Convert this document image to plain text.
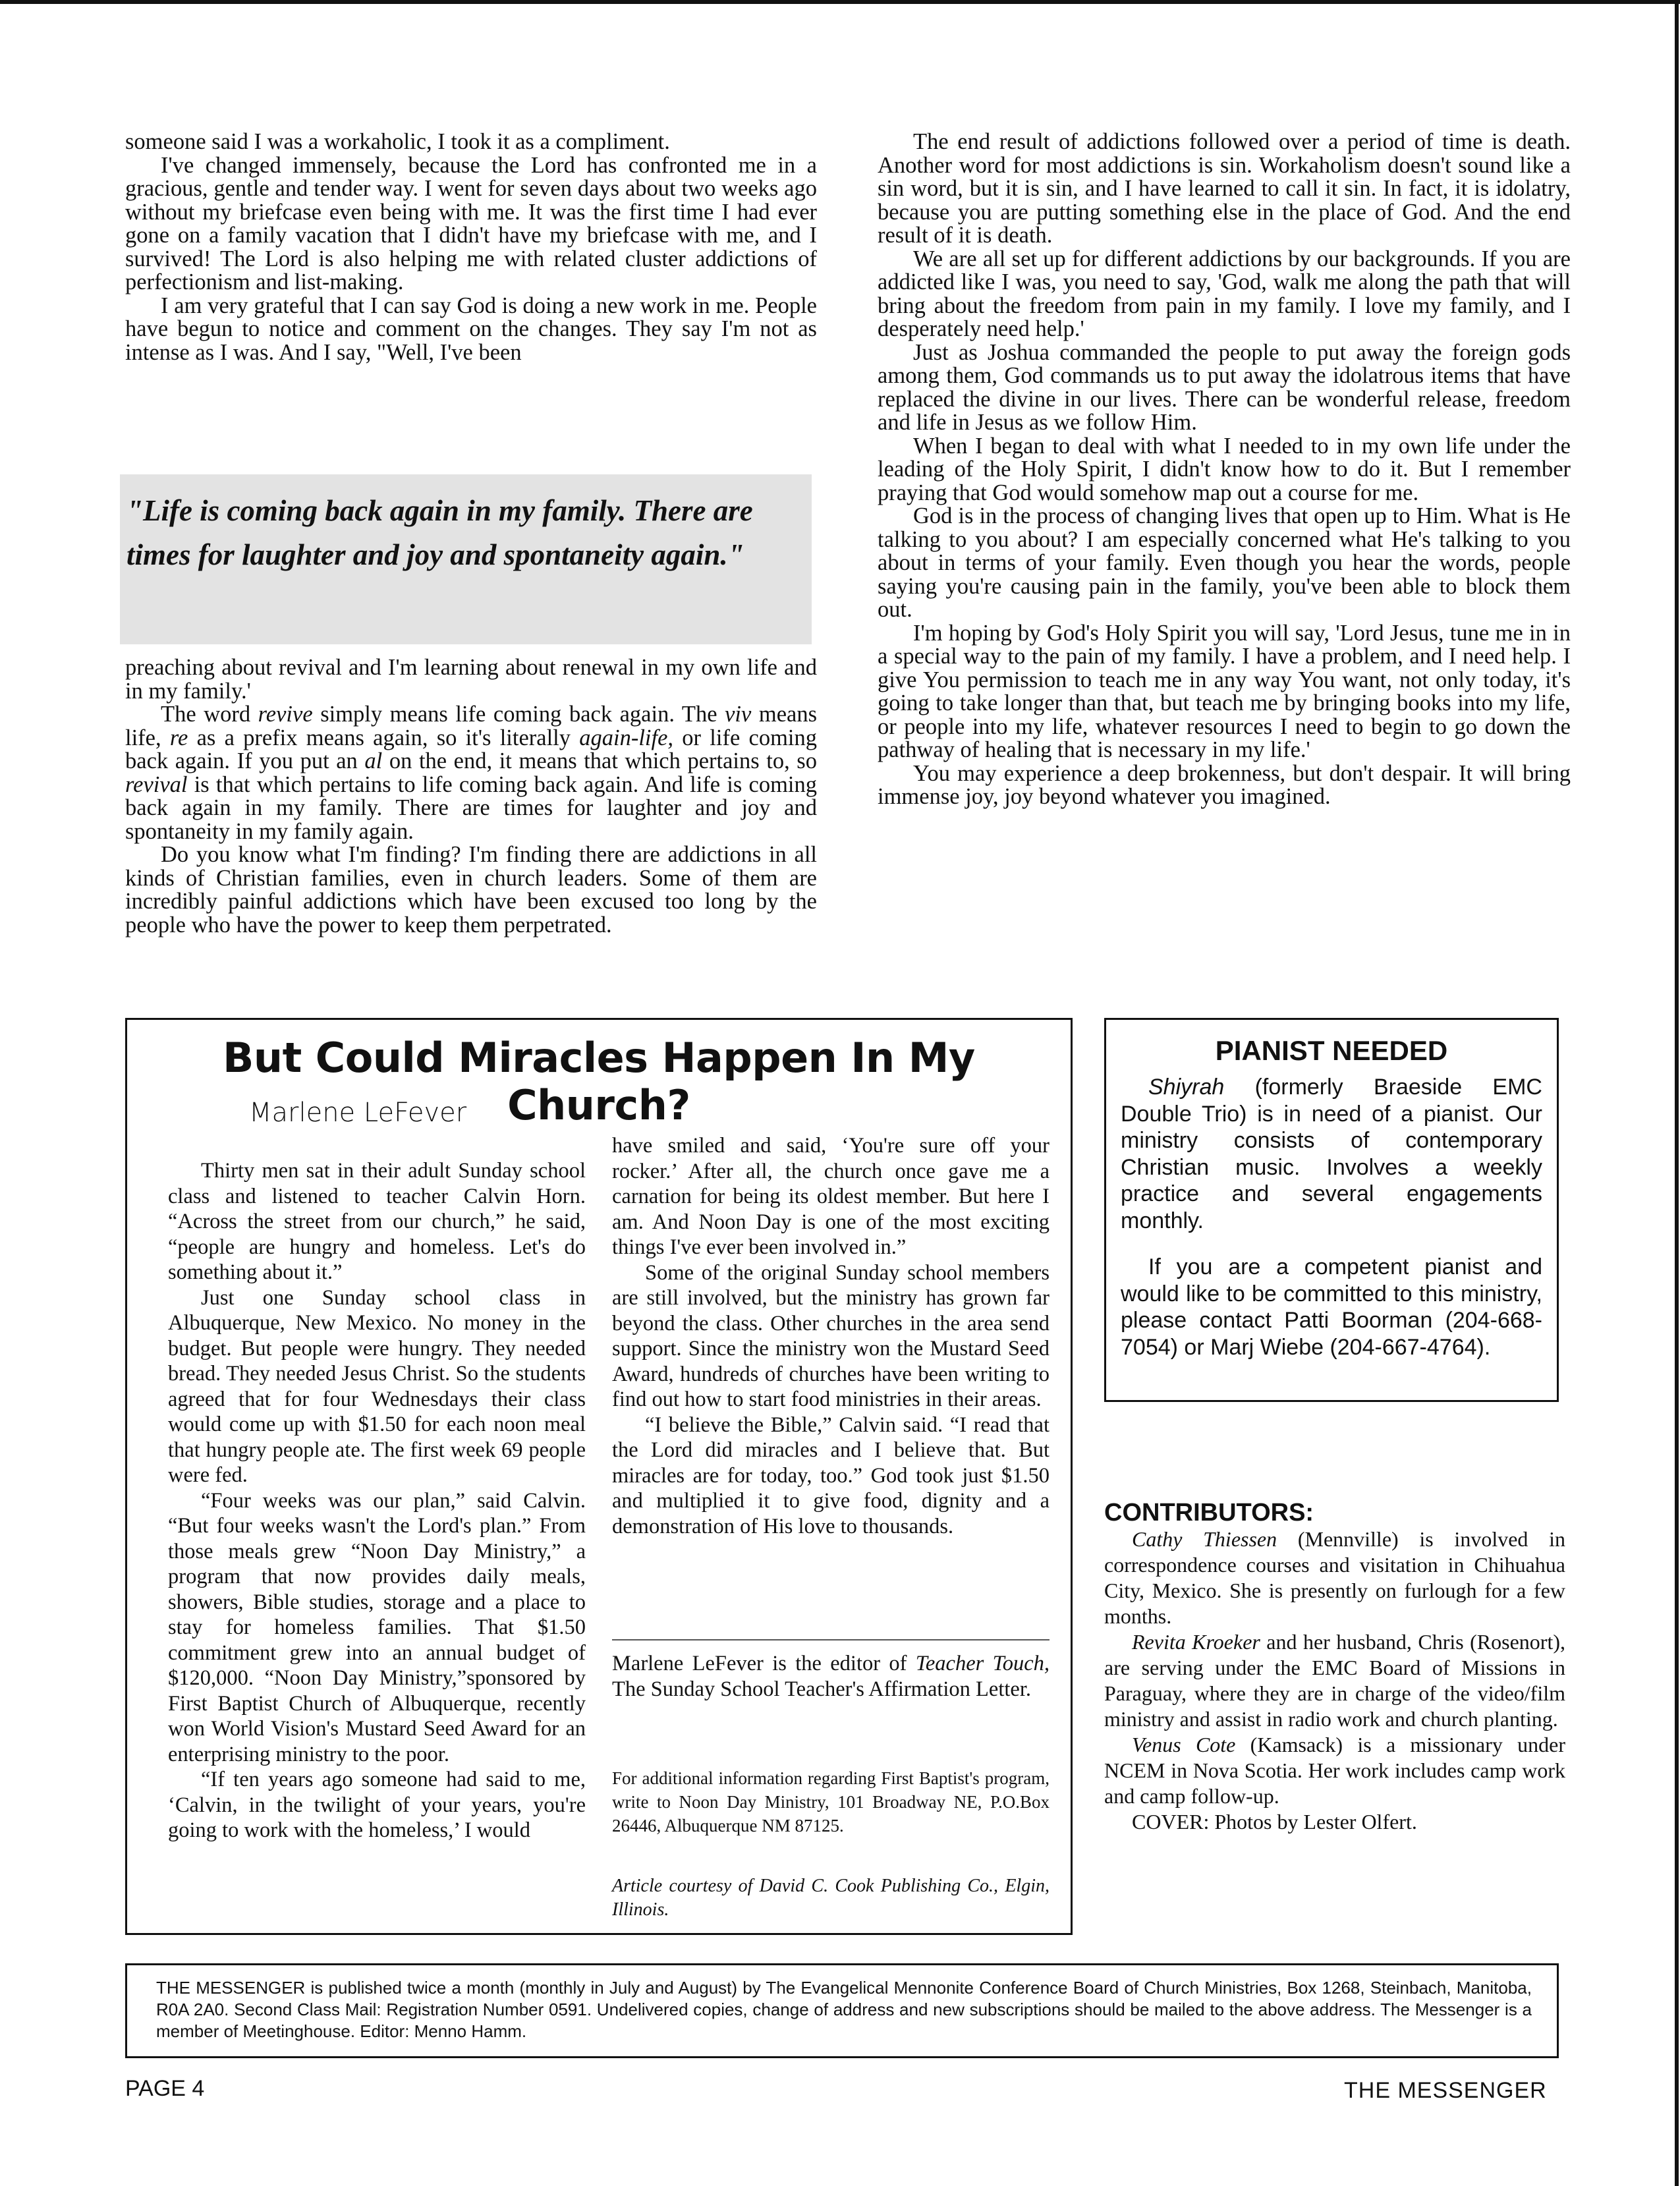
someone said I was a workaholic, I took it as a compliment.

I've changed immensely, because the Lord has confronted me in a gracious, gentle and tender way. I went for seven days about two weeks ago without my briefcase even being with me. It was the first time I had ever gone on a family vacation that I didn't have my briefcase with me, and I survived! The Lord is also helping me with related cluster addictions of perfectionism and list-making.

I am very grateful that I can say God is doing a new work in me. People have begun to notice and comment on the changes. They say I'm not as intense as I was. And I say, "Well, I've been

"Life is coming back again in my family. There are times for laughter and joy and spontaneity again."

preaching about revival and I'm learning about renewal in my own life and in my family.'

The word revive simply means life coming back again. The viv means life, re as a prefix means again, so it's literally again-life, or life coming back again. If you put an al on the end, it means that which pertains to, so revival is that which pertains to life coming back again. And life is coming back again in my family. There are times for laughter and joy and spontaneity in my family again.

Do you know what I'm finding? I'm finding there are addictions in all kinds of Christian families, even in church leaders. Some of them are incredibly painful addictions which have been excused too long by the people who have the power to keep them perpetrated.

The end result of addictions followed over a period of time is death. Another word for most addictions is sin. Workaholism doesn't sound like a sin word, but it is sin, and I have learned to call it sin. In fact, it is idolatry, because you are putting something else in the place of God. And the end result of it is death.

We are all set up for different addictions by our backgrounds. If you are addicted like I was, you need to say, 'God, walk me along the path that will bring about the freedom from pain in my family. I love my family, and I desperately need help.'

Just as Joshua commanded the people to put away the foreign gods among them, God commands us to put away the idolatrous items that have replaced the divine in our lives. There can be wonderful release, freedom and life in Jesus as we follow Him.

When I began to deal with what I needed to in my own life under the leading of the Holy Spirit, I didn't know how to do it. But I remember praying that God would somehow map out a course for me.

God is in the process of changing lives that open up to Him. What is He talking to you about? I am especially concerned what He's talking to you about in terms of your family. Even though you hear the words, people saying you're causing pain in the family, you've been able to block them out.

I'm hoping by God's Holy Spirit you will say, 'Lord Jesus, tune me in in a special way to the pain of my family. I have a problem, and I need help. I give You permission to teach me in any way You want, not only today, it's going to take longer than that, but teach me by bringing books into my life, or people into my life, whatever resources I need to begin to go down the pathway of healing that is necessary in my life.'

You may experience a deep brokenness, but don't despair. It will bring immense joy, joy beyond whatever you imagined.

But Could Miracles Happen In My Church?
Marlene LeFever

Thirty men sat in their adult Sunday school class and listened to teacher Calvin Horn. “Across the street from our church,” he said, “people are hungry and homeless. Let's do something about it.”

Just one Sunday school class in Albuquerque, New Mexico. No money in the budget. But people were hungry. They needed bread. They needed Jesus Christ. So the students agreed that for four Wednesdays their class would come up with $1.50 for each noon meal that hungry people ate. The first week 69 people were fed.

“Four weeks was our plan,” said Calvin. “But four weeks wasn't the Lord's plan.” From those meals grew “Noon Day Ministry,” a program that now provides daily meals, showers, Bible studies, storage and a place to stay for homeless families. That $1.50 commitment grew into an annual budget of $120,000. “Noon Day Ministry,”sponsored by First Baptist Church of Albuquerque, recently won World Vision's Mustard Seed Award for an enterprising ministry to the poor.

“If ten years ago someone had said to me, ‘Calvin, in the twilight of your years, you're going to work with the homeless,’ I would

have smiled and said, ‘You're sure off your rocker.’ After all, the church once gave me a carnation for being its oldest member. But here I am. And Noon Day is one of the most exciting things I've ever been involved in.”

Some of the original Sunday school members are still involved, but the ministry has grown far beyond the class. Other churches in the area send support. Since the ministry won the Mustard Seed Award, hundreds of churches have been writing to find out how to start food ministries in their areas.

“I believe the Bible,” Calvin said. “I read that the Lord did miracles and I believe that. But miracles are for today, too.” God took just $1.50 and multiplied it to give food, dignity and a demonstration of His love to thousands.

Marlene LeFever is the editor of Teacher Touch, The Sunday School Teacher's Affirmation Letter.

For additional information regarding First Baptist's program, write to Noon Day Ministry, 101 Broadway NE, P.O.Box 26446, Albuquerque NM 87125.

Article courtesy of David C. Cook Publishing Co., Elgin, Illinois.

PIANIST NEEDED

Shiyrah (formerly Braeside EMC Double Trio) is in need of a pianist. Our ministry consists of contemporary Christian music. Involves a weekly practice and several engagements monthly.

If you are a competent pianist and would like to be committed to this ministry, please contact Patti Boorman (204-668-7054) or Marj Wiebe (204-667-4764).

CONTRIBUTORS:

Cathy Thiessen (Mennville) is involved in correspondence courses and visitation in Chihuahua City, Mexico. She is presently on furlough for a few months.

Revita Kroeker and her husband, Chris (Rosenort), are serving under the EMC Board of Missions in Paraguay, where they are in charge of the video/film ministry and assist in radio work and church planting.

Venus Cote (Kamsack) is a missionary under NCEM in Nova Scotia. Her work includes camp work and camp follow-up.

COVER: Photos by Lester Olfert.

THE MESSENGER is published twice a month (monthly in July and August) by The Evangelical Mennonite Conference Board of Church Ministries, Box 1268, Steinbach, Manitoba, R0A 2A0. Second Class Mail: Registration Number 0591. Undelivered copies, change of address and new subscriptions should be mailed to the above address. The Messenger is a member of Meetinghouse. Editor: Menno Hamm.
PAGE 4	THE MESSENGER
